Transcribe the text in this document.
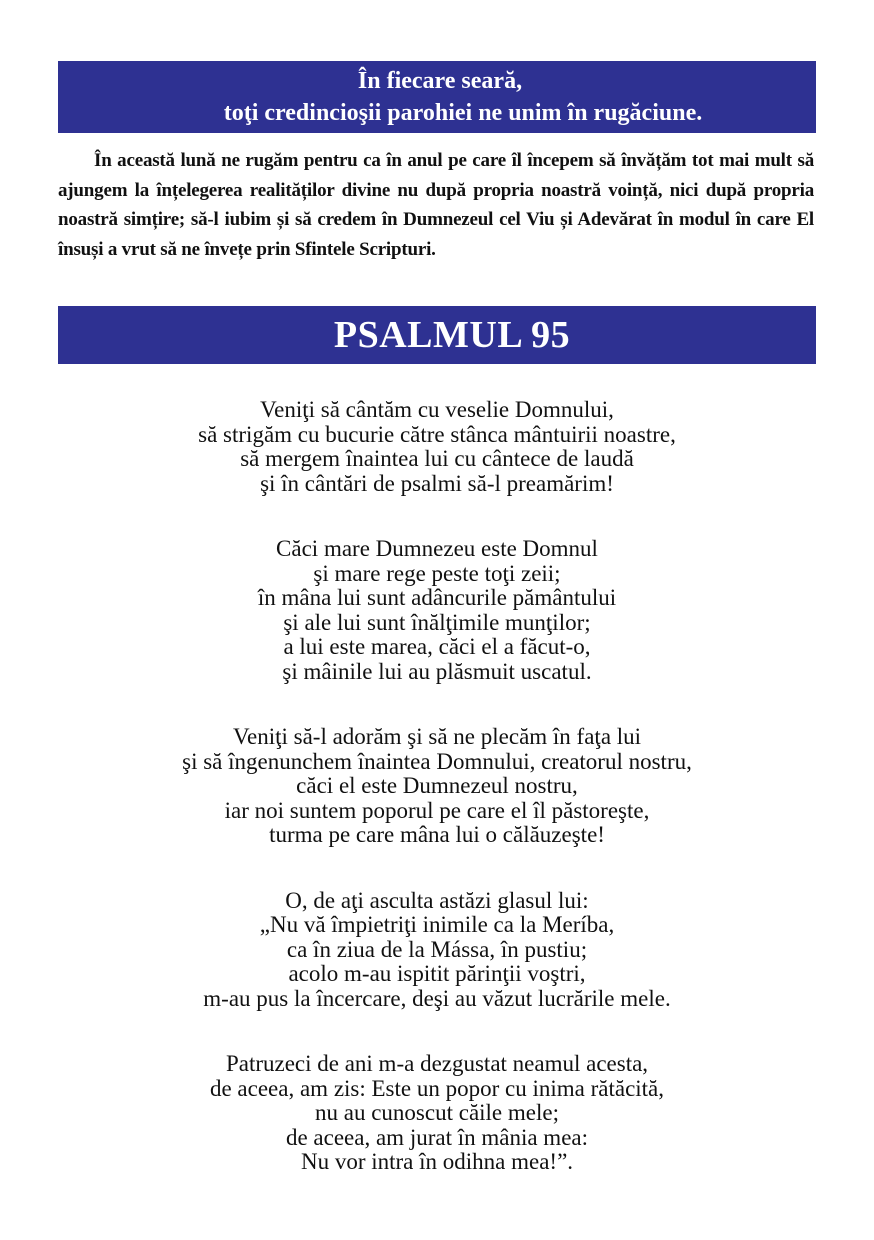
În fiecare seară,
toţi credincioşii parohiei ne unim în rugăciune.

În această lună ne rugăm pentru ca în anul pe care îl începem să învățăm tot mai mult să ajungem la înțelegerea realităților divine nu după propria noastră voință, nici după propria noastră simțire; să-l iubim și să credem în Dumnezeul cel Viu și Adevărat în modul în care El însuși a vrut să ne învețe prin Sfintele Scripturi.

PSALMUL 95
Veniţi să cântăm cu veselie Domnului,
să strigăm cu bucurie către stânca mântuirii noastre,
să mergem înaintea lui cu cântece de laudă
şi în cântări de psalmi să-l preamărim!
Căci mare Dumnezeu este Domnul
şi mare rege peste toţi zeii;
în mâna lui sunt adâncurile pământului
şi ale lui sunt înălţimile munţilor;
a lui este marea, căci el a făcut-o,
şi mâinile lui au plăsmuit uscatul.
Veniţi să-l adorăm şi să ne plecăm în faţa lui
şi să îngenunchem înaintea Domnului, creatorul nostru,
căci el este Dumnezeul nostru,
iar noi suntem poporul pe care el îl păstoreşte,
turma pe care mâna lui o călăuzeşte!
O, de aţi asculta astăzi glasul lui:
„Nu vă împietriţi inimile ca la Meríba,
ca în ziua de la Mássa, în pustiu;
acolo m-au ispitit părinţii voştri,
m-au pus la încercare, deşi au văzut lucrările mele.
Patruzeci de ani m-a dezgustat neamul acesta,
de aceea, am zis: Este un popor cu inima rătăcită,
nu au cunoscut căile mele;
de aceea, am jurat în mânia mea:
Nu vor intra în odihna mea!”.
